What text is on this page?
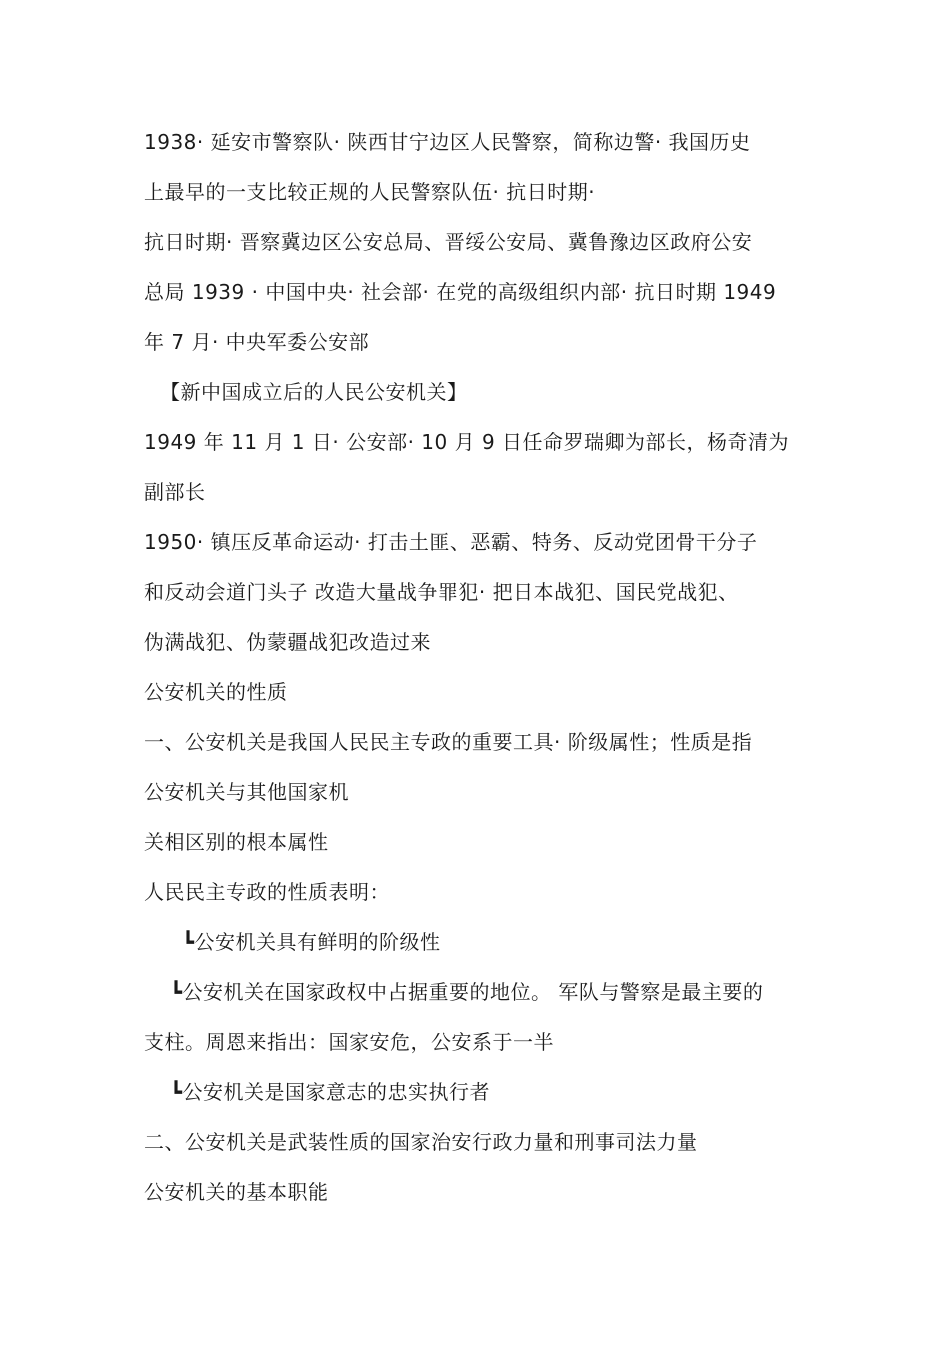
1938· 延安市警察队· 陕西甘宁边区人民警察，简称边警· 我国历史
上最早的一支比较正规的人民警察队伍· 抗日时期·
抗日时期· 晋察冀边区公安总局、晋绥公安局、冀鲁豫边区政府公安
总局 1939 · 中国中央· 社会部· 在党的高级组织内部· 抗日时期 1949
年 7 月· 中央军委公安部
【新中国成立后的人民公安机关】
1949 年 11 月 1 日· 公安部· 10 月 9 日任命罗瑞卿为部长，杨奇清为
副部长
1950· 镇压反革命运动· 打击土匪、恶霸、特务、反动党团骨干分子
和反动会道门头子 改造大量战争罪犯· 把日本战犯、国民党战犯、
伪满战犯、伪蒙疆战犯改造过来
公安机关的性质
一、公安机关是我国人民民主专政的重要工具· 阶级属性；性质是指
公安机关与其他国家机
关相区别的根本属性
人民民主专政的性质表明：
┗公安机关具有鲜明的阶级性
┗公安机关在国家政权中占据重要的地位。 军队与警察是最主要的
支柱。周恩来指出：国家安危，公安系于一半
┗公安机关是国家意志的忠实执行者
二、公安机关是武装性质的国家治安行政力量和刑事司法力量
公安机关的基本职能
